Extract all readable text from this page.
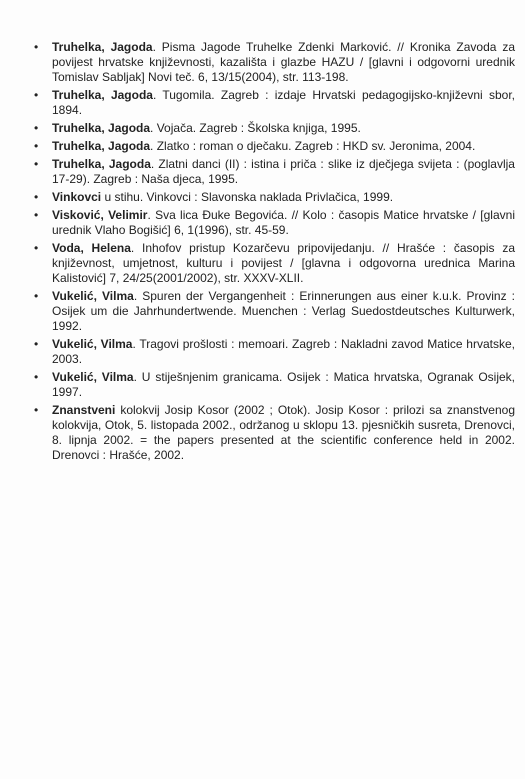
• Truhelka, Jagoda. Pisma Jagode Truhelke Zdenki Marković. // Kronika Zavoda za povijest hrvatske književnosti, kazališta i glazbe HAZU / [glavni i odgovorni urednik Tomislav Sabljak] Novi teč. 6, 13/15(2004), str. 113-198.
• Truhelka, Jagoda. Tugomila. Zagreb : izdaje Hrvatski pedagogijsko-književni sbor, 1894.
• Truhelka, Jagoda. Vojača. Zagreb : Školska knjiga, 1995.
• Truhelka, Jagoda. Zlatko : roman o dječaku. Zagreb : HKD sv. Jeronima, 2004.
• Truhelka, Jagoda. Zlatni danci (II) : istina i priča : slike iz dječjega svijeta : (poglavlja 17-29). Zagreb : Naša djeca, 1995.
• Vinkovci u stihu. Vinkovci : Slavonska naklada Privlačica, 1999.
• Visković, Velimir. Sva lica Đuke Begovića. // Kolo : časopis Matice hrvatske / [glavni urednik Vlaho Bogišić] 6, 1(1996), str. 45-59.
• Voda, Helena. Inhofov pristup Kozarčevu pripovijedanju. // Hrašće : časopis za književnost, umjetnost, kulturu i povijest / [glavna i odgovorna urednica Marina Kalistović] 7, 24/25(2001/2002), str. XXXV-XLII.
• Vukelić, Vilma. Spuren der Vergangenheit : Erinnerungen aus einer k.u.k. Provinz : Osijek um die Jahrhundertwende. Muenchen : Verlag Suedostdeutsches Kulturwerk, 1992.
• Vukelić, Vilma. Tragovi prošlosti : memoari. Zagreb : Nakladni zavod Matice hrvatske, 2003.
• Vukelić, Vilma. U stiješnjenim granicama. Osijek : Matica hrvatska, Ogranak Osijek, 1997.
• Znanstveni kolokvij Josip Kosor (2002 ; Otok). Josip Kosor : prilozi sa znanstvenog kolokvija, Otok, 5. listopada 2002., održanog u sklopu 13. pjesničkih susreta, Drenovci, 8. lipnja 2002. = the papers presented at the scientific conference held in 2002. Drenovci : Hrašće, 2002.
